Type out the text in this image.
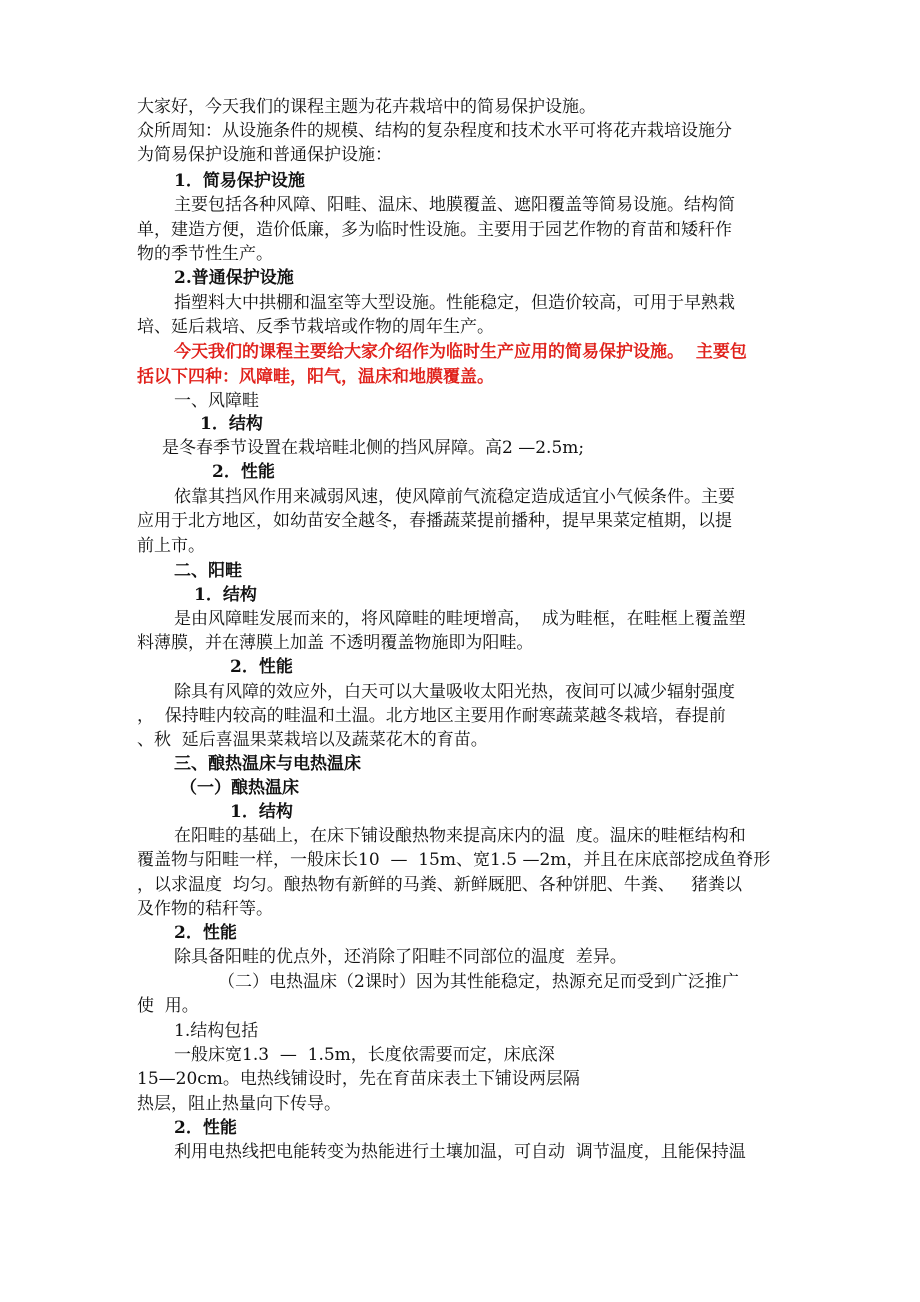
大家好，今天我们的课程主题为花卉栽培中的简易保护设施。
众所周知：从设施条件的规模、结构的复杂程度和技术水平可将花卉栽培设施分
为简易保护设施和普通保护设施：
1．简易保护设施
主要包括各种风障、阳畦、温床、地膜覆盖、遮阳覆盖等简易设施。结构简
单，建造方便，造价低廉，多为临时性设施。主要用于园艺作物的育苗和矮秆作
物的季节性生产。
2.普通保护设施
指塑料大中拱棚和温室等大型设施。性能稳定，但造价较高，可用于早熟栽
培、延后栽培、反季节栽培或作物的周年生产。
今天我们的课程主要给大家介绍作为临时生产应用的简易保护设施。  主要包
括以下四种：风障畦，阳气，温床和地膜覆盖。
一、风障畦
1．结构
是冬春季节设置在栽培畦北侧的挡风屏障。高2 —2.5m;
2．性能
依靠其挡风作用来减弱风速，使风障前气流稳定造成适宜小气候条件。主要
应用于北方地区，如幼苗安全越冬，春播蔬菜提前播种，提早果菜定植期，以提
前上市。
二、阳畦
1．结构
是由风障畦发展而来的，将风障畦的畦埂增高，  成为畦框，在畦框上覆盖塑
料薄膜，并在薄膜上加盖 不透明覆盖物施即为阳畦。
2．性能
除具有风障的效应外，白天可以大量吸收太阳光热，夜间可以减少辐射强度
，  保持畦内较高的畦温和土温。北方地区主要用作耐寒蔬菜越冬栽培，春提前
、秋  延后喜温果菜栽培以及蔬菜花木的育苗。
三、酿热温床与电热温床
（一）酿热温床
1．结构
在阳畦的基础上，在床下铺设酿热物来提高床内的温  度。温床的畦框结构和
覆盖物与阳畦一样，一般床长10  —  15m、宽1.5 —2m，并且在床底部挖成鱼脊形
，以求温度  均匀。酿热物有新鲜的马粪、新鲜厩肥、各种饼肥、牛粪、   猪粪以
及作物的秸秆等。
2．性能
除具备阳畦的优点外，还消除了阳畦不同部位的温度  差异。
（二）电热温床（2课时）因为其性能稳定，热源充足而受到广泛推广
使  用。
1.结构包括
一般床宽1.3  —  1.5m，长度依需要而定，床底深
15—20cm。电热线铺设时，先在育苗床表土下铺设两层隔
热层，阻止热量向下传导。
2．性能
利用电热线把电能转变为热能进行土壤加温，可自动  调节温度，且能保持温
